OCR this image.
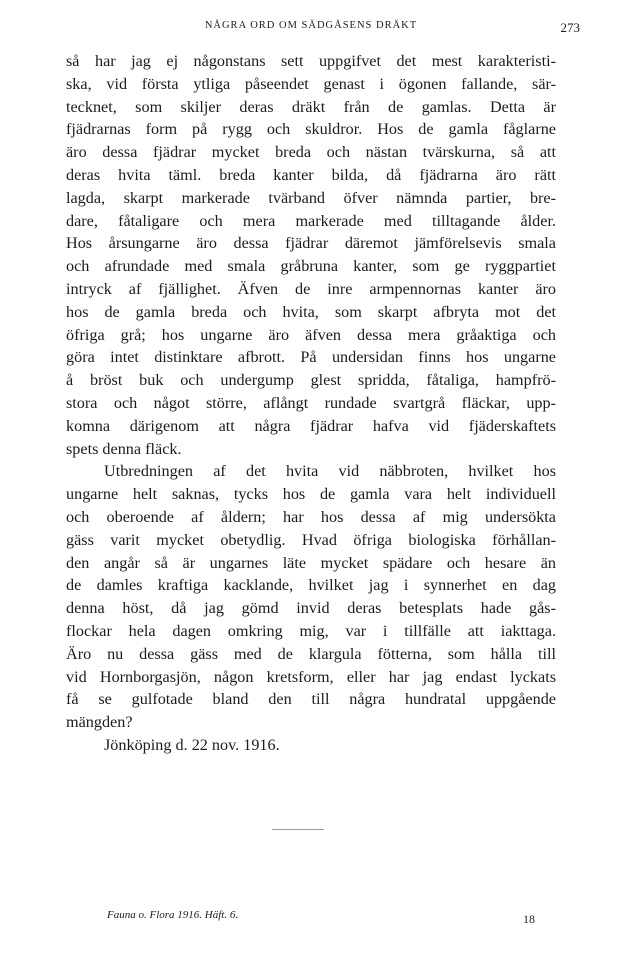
NÅGRA ORD OM SÄDGÅSENS DRÄKT	273

så har jag ej någonstans sett uppgifvet det mest karakteristi-
ska, vid första ytliga påseendet genast i ögonen fallande, sär-
tecknet, som skiljer deras dräkt från de gamlas. Detta är
fjädrarnas form på rygg och skuldror. Hos de gamla fåglarne
äro dessa fjädrar mycket breda och nästan tvärskurna, så att
deras hvita täml. breda kanter bilda, då fjädrarna äro rätt
lagda, skarpt markerade tvärband öfver nämnda partier, bre-
dare, fåtaligare och mera markerade med tilltagande ålder.
Hos årsungarne äro dessa fjädrar däremot jämförelsevis smala
och afrundade med smala gråbruna kanter, som ge ryggpartiet
intryck af fjällighet. Äfven de inre armpennornas kanter äro
hos de gamla breda och hvita, som skarpt afbryta mot det
öfriga grå; hos ungarne äro äfven dessa mera gråaktiga och
göra intet distinktare afbrott. På undersidan finns hos ungarne
å bröst buk och undergump glest spridda, fåtaliga, hampfrö-
stora och något större, aflångt rundade svartgrå fläckar, upp-
komna därigenom att några fjädrar hafva vid fjäderskaftets
spets denna fläck.

Utbredningen af det hvita vid näbbroten, hvilket hos
ungarne helt saknas, tycks hos de gamla vara helt individuell
och oberoende af åldern; har hos dessa af mig undersökta
gäss varit mycket obetydlig. Hvad öfriga biologiska förhållan-
den angår så är ungarnes läte mycket spädare och hesare än
de damles kraftiga kacklande, hvilket jag i synnerhet en dag
denna höst, då jag gömd invid deras betesplats hade gås-
flockar hela dagen omkring mig, var i tillfälle att iakttaga.
Äro nu dessa gäss med de klargula fötterna, som hålla till
vid Hornborgasjön, någon kretsform, eller har jag endast lyckats
få se gulfotade bland den till några hundratal uppgående
mängden?

Jönköping d. 22 nov. 1916.

Fauna o. Flora 1916. Häft. 6.	18
